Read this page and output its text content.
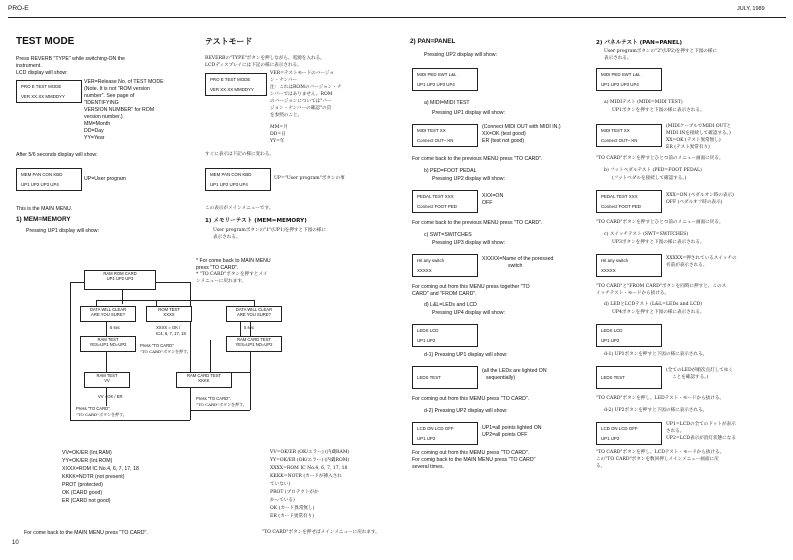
PRO-E	JULY, 1989
TEST MODE
Press REVERB "TYPE" while switching-ON the
instrument.
LCD display will show:
PRO E TEST MODE
VER XX.XX MMDDYY
VER=Release No. of TEST MODE
(Note. It is not "ROM version
number". See page of
"IDENTIFYING
VERSION NUMBER" for ROM
version number.)
MM=Month
DD=Day
YY=Year
After 5/6 seconds display will show:
MEM PAN CON KBD
UP1 UP2 UP3 UP4
UP=User program
This is the MAIN MENU.
1) MEM=MEMORY
Pressing UP1 display will show:
* For come back to MAIN MENU
press "TO CARD".
* "TO CARD"ボタンを押すとメイ
ンメニューに戻れます。
RAM ROM CARD
UP1 UP2 UP3
DATA WILL CLEAR
ARE YOU SURE?
ROM TEST
XXXX
DATA WILL CLEAR
ARE YOU SURE?
5 sec	XXXX = OK /
IC4, 6, 7, 17, 18
5 sec
RAM TEST
YES=UP1 NO=UP2	Press "TO CARD"
"TO CARD"ボタンを押す。
RAM CARD TEST
YES=UP1 NO=UP2
RAM TEST
VV
RAM CARD TEST
KKKK
VV =OK / ER
Press "TO CARD".
"TO CARD"ボタンを押す。
Press "TO CARD".
"TO CARD"ボタンを押す。
VV=OK/ER (Int.RAM)
YY=OK/ER (Int.ROM)
XXXX=ROM IC No.4, 6, 7, 17, 18
KKKK=NOTR (not present)
PROT (protected)
OK (CARD good)
ER (CARD not good)
For come back to the MAIN MENU press "TO CARD".
10
テストモード
REVERBの"TYPE"ボタンを押しながら、電源を入れる。
LCDディスプレイには下記の様に表示される。
PRO E TEST MODE
VER XX.XX MMDDYY
VER=テストモードのバージョ
ン・ナンバー
注：これはROMのバージョン・ナ
ンバーではありません。ROM
のバージョンについては"バー
ジョン・ナンバーの確認"の頁
を参照のこと。
MM=月
DD=日
YY=年
すぐに表示は下記の様に変わる。
MEM PAN CON KBD
UP1 UP2 UP3 UP4
UP="User program"ボタンの事
この表示がメインメニューです。
1) メモリーテスト (MEM=MEMORY)
User programボタンの"1"(UP1)を押すと下図の様に
表示される。
VV=OK/ER (OK/エラー) (内蔵RAM)
YY=OK/ER (OK/エラー) (内蔵ROM)
XXXX=ROM IC No.4, 6, 7, 17, 18
KKKK=NOTR (カードが挿入され
ていない)
PROT (プロテクトがか
かっている)
OK (カード異常無し)
ER (カード異常有り)
"TO CARD"ボタンを押せばメインメニューに戻れます。
2) PAN=PANEL
Pressing UP2 display will show:
MIDI PED SWT L&L
UP1 UP2 UP3 UP4
a) MIDI=MIDI TEST
Pressing UP1 display will show:
MIDI TEST XX
Connect OUT-->IN
(Connect MIDI OUT with MIDI IN.)
XX=OK (test good)
ER (test not good)
For come back to the previous MENU press "TO CARD".
b) PED=FOOT PEDAL
Pressing UP2 display will show:
PEDAL TEST XXX
Connect FOOT PED
XXX=ON
OFF
For come back to the previous MENU press "TO CARD".
c) SWT=SWITCHES
Pressing UP3 display will show:
Hit any switch
XXXXX
XXXXX=Name of the poressed
switch
For coming out from this MENU press together "TO
CARD" and "FROM CARD".
d) L&L=LEDs and LCD
Pressing UP4 display will show:
LEDS LCD
UP1 UP2
d-1) Pressing UP1 display will show:
LEDS TEST
(all the LEDs are lighted ON
sequentially)
For coming out from this MEMU press "TO CARD".
d-2) Pressing UP2 display will show:
LCD ON LCD OFF
UP1 UP2
UP1=all points lighted ON
UP2=all points OFF
For coming out from this MEMU press "TO CARD".
For comig back to the MAIN MENU press "TO CARD"
several times.
2) パネルテスト (PAN=PANEL)
User programボタンの"2"(UP2)を押すと下図の様に
表示される。
MIDI PED SWT L&L
UP1 UP2 UP3 UP4
a) MIDIテスト (MIDI=MIDI TEST)
UP1ボタンを押すと下図の様に表示される。
MIDI TEST XX
Connect OUT-->IN
(MIDIケーブルでMIDI OUTと
MIDI INを接続して確認する。)
XX=OK (テスト異常無し)
ER (テスト異常有り)
"TO CARD"ボタンを押すとひとつ前のメニュー画面に戻る。
b) フットペダルテスト (PED=FOOT PEDAL)
(フットペダルを接続して確認する。)
PEDAL TEST XXX
Connect FOOT PED
XXX=ON (ペダルオン時の表示)
OFF (ペダルオフ時の表示)
"TO CARD"ボタンを押すとひとつ前のメニュー画面に戻る。
c) スイッチテスト (SWT=SWITCHES)
UP3ボタンを押すと下図の様に表示される。
Hit any switch
XXXXX
XXXXX=押されているスイッチの
名前が表示される。
"TO CARD"と"FROM CARD"ボタンを同時に押すと、このス
イッチテスト・モードから抜ける。
d) LEDとLCDテスト (L&L=LEDs and LCD)
UP4ボタンを押すと下図の様に表示される。
LEDS LCD
UP1 UP2
d-1) UP1ボタンを押すと下図の様に表示される。
LEDS TEST
(全てのLEDが順次点灯してゆく
ことを確認する。)
"TO CARD"ボタンを押し、LEDテスト・モードから抜ける。
d-2) UP2ボタンを押すと下図の様に表示される。
LCD ON LCD OFF
UP1 UP2
UP1=LCDの全てのドットが表示
される。
UP2=LCD表示が消灯状態になる
"TO CARD"ボタンを押し、LCDテスト・モードから抜ける。
この"TO CARD"ボタンを数回押しメインメニュー画面に戻
る。
